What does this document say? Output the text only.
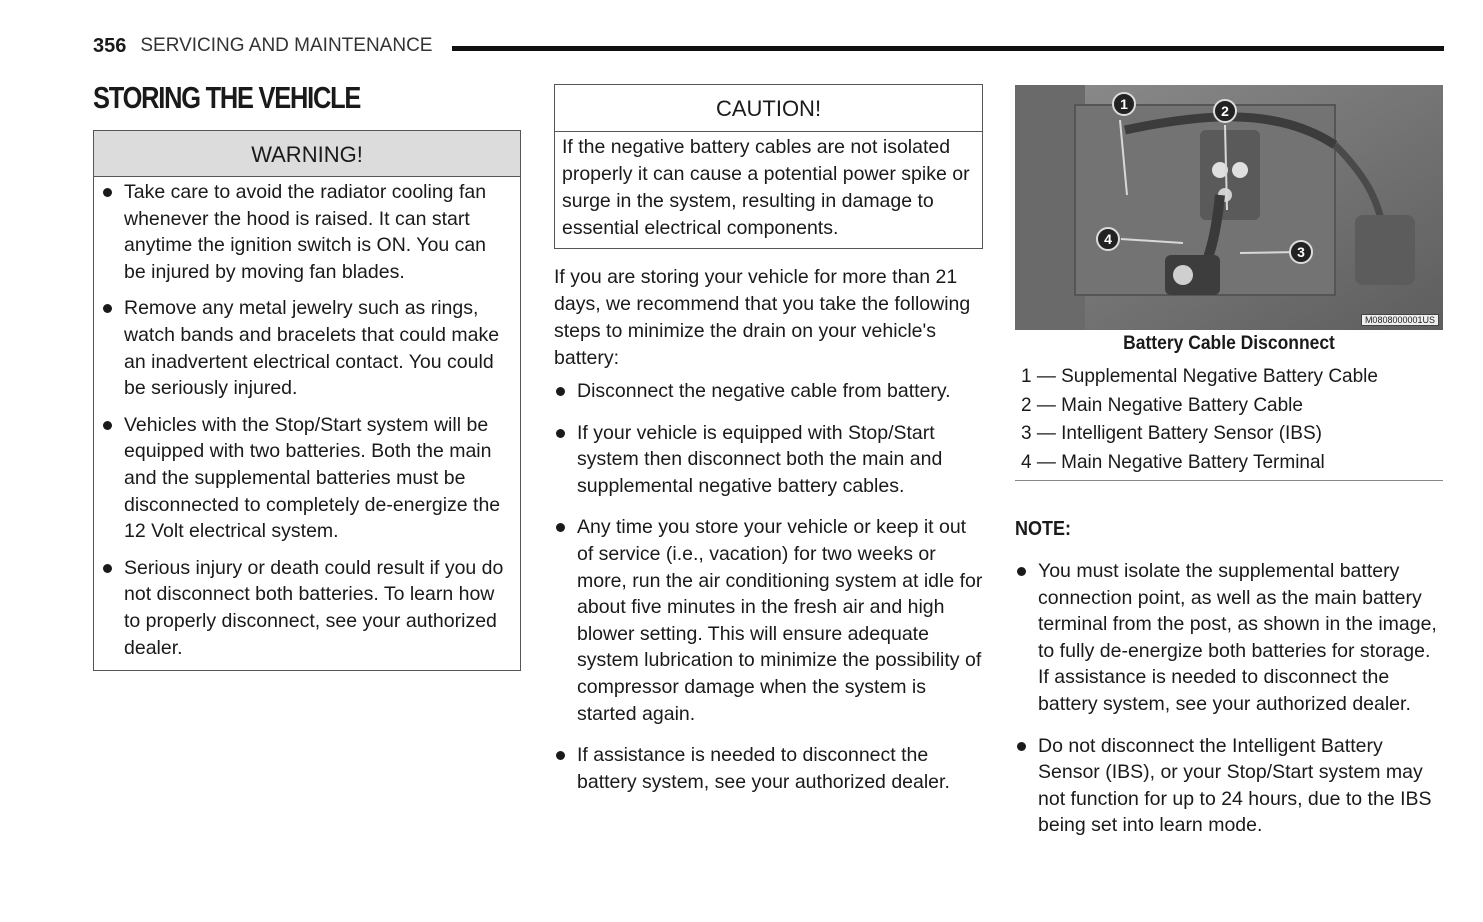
356 SERVICING AND MAINTENANCE
STORING THE VEHICLE
WARNING!
Take care to avoid the radiator cooling fan whenever the hood is raised. It can start anytime the ignition switch is ON. You can be injured by moving fan blades.
Remove any metal jewelry such as rings, watch bands and bracelets that could make an inadvertent electrical contact. You could be seriously injured.
Vehicles with the Stop/Start system will be equipped with two batteries. Both the main and the supplemental batteries must be disconnected to completely de-energize the 12 Volt electrical system.
Serious injury or death could result if you do not disconnect both batteries. To learn how to properly disconnect, see your authorized dealer.
CAUTION!
If the negative battery cables are not isolated properly it can cause a potential power spike or surge in the system, resulting in damage to essential electrical components.

If you are storing your vehicle for more than 21 days, we recommend that you take the following steps to minimize the drain on your vehicle's battery:

Disconnect the negative cable from battery.
If your vehicle is equipped with Stop/Start system then disconnect both the main and supplemental negative battery cables.
Any time you store your vehicle or keep it out of service (i.e., vacation) for two weeks or more, run the air conditioning system at idle for about five minutes in the fresh air and high blower setting. This will ensure adequate system lubrication to minimize the possibility of compressor damage when the system is started again.
If assistance is needed to disconnect the battery system, see your authorized dealer.
1	2
3
4
M0808000001US
Battery Cable Disconnect
1 — Supplemental Negative Battery Cable
2 — Main Negative Battery Cable
3 — Intelligent Battery Sensor (IBS)
4 — Main Negative Battery Terminal
NOTE:
You must isolate the supplemental battery connection point, as well as the main battery terminal from the post, as shown in the image, to fully de-energize both batteries for storage. If assistance is needed to disconnect the battery system, see your authorized dealer.
Do not disconnect the Intelligent Battery Sensor (IBS), or your Stop/Start system may not function for up to 24 hours, due to the IBS being set into learn mode.
